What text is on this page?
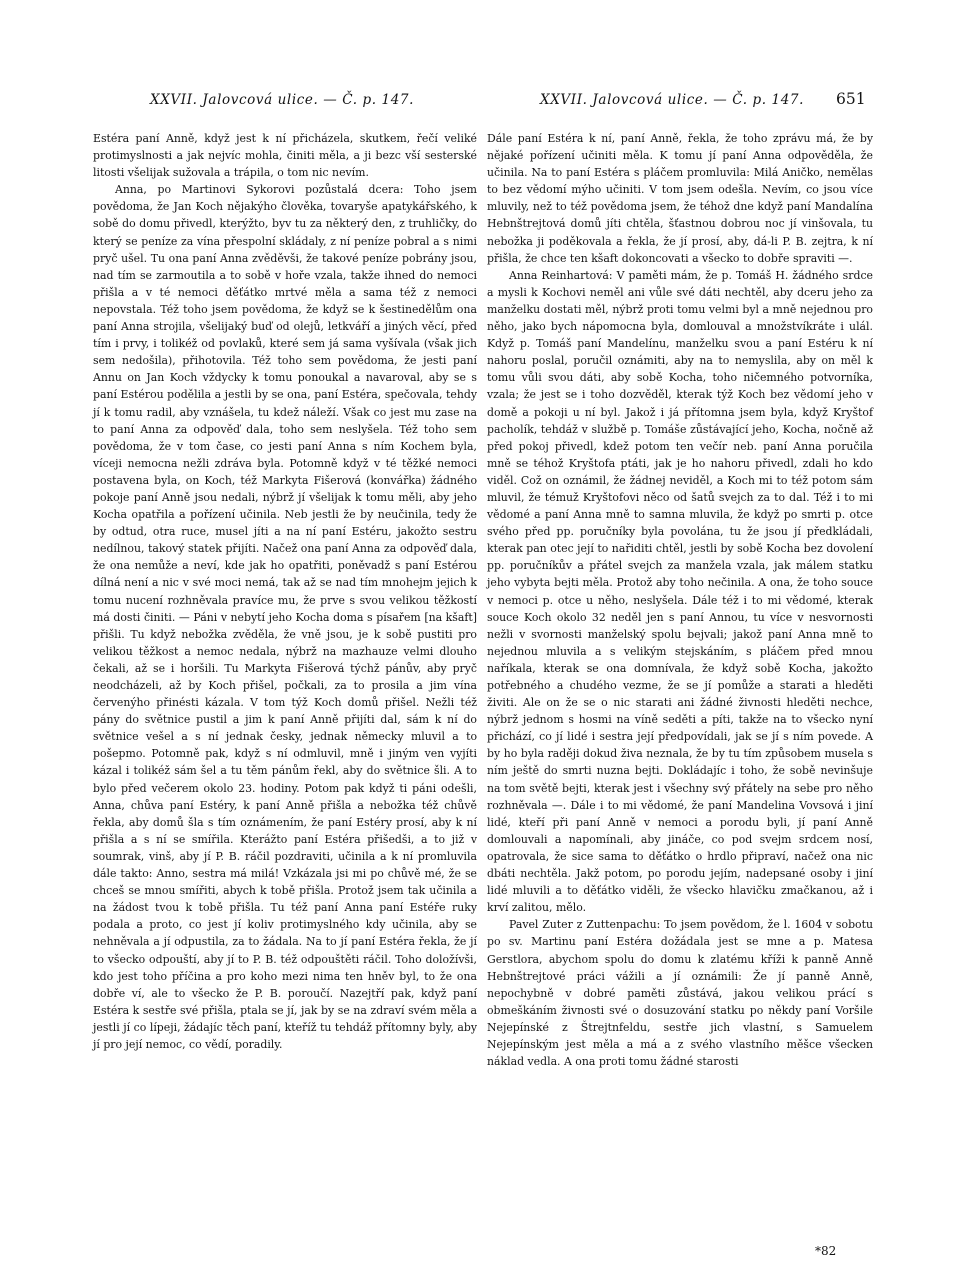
XXVII. Jalovcová ulice. — Č. p. 147.	XXVII. Jalovcová ulice. — Č. p. 147. 651

Estéra paní Anně, když jest k ní přicházela, skutkem, řečí veliké protimyslnosti a jak nejvíc mohla, činiti měla, a ji bezc vší sesterské litosti všelijak sužovala a trápila, o tom nic nevím.

Anna, po Martinovi Sykorovi pozůstalá dcera: Toho jsem povědoma, že Jan Koch nějakýho člověka, tovaryše apatykářského, k sobě do domu přivedl, kterýžto, byv tu za některý den, z truhličky, do který se peníze za vína přespolní skládaly, z ní peníze pobral a s nimi pryč ušel. Tu ona paní Anna zvěděvši, že takové peníze pobrány jsou, nad tím se zarmoutila a to sobě v hoře vzala, takže ihned do nemoci přišla a v té nemoci děťátko mrtvé měla a sama též z nemoci nepovstala. Též toho jsem povědoma, že když se k šestinedělům ona paní Anna strojila, všelijaký buď od olejů, letkváří a jiných věcí, před tím i prvy, i tolikéž od povlaků, které sem já sama vyšívala (však jich sem nedošila), přihotovila. Též toho sem povědoma, že jesti paní Annu on Jan Koch vždycky k tomu ponoukal a navaroval, aby se s paní Estérou podělila a jestli by se ona, paní Estéra, spečovala, tehdy jí k tomu radil, aby vznášela, tu kdež náleží. Však co jest mu zase na to paní Anna za odpověď dala, toho sem neslyšela. Též toho sem povědoma, že v tom čase, co jesti paní Anna s ním Kochem byla, víceji nemocna nežli zdráva byla. Potomně když v té těžké nemoci postavena byla, on Koch, též Markyta Fišerová (konvářka) žádného pokoje paní Anně jsou nedali, nýbrž jí všelijak k tomu měli, aby jeho Kocha opatřila a pořízení učinila. Neb jestli že by neučinila, tedy že by odtud, otra ruce, musel jíti a na ní paní Estéru, jakožto sestru nedílnou, takový statek přijíti. Načež ona paní Anna za odpověď dala, že ona nemůže a neví, kde jak ho opatřiti, poněvadž s paní Estérou dílná není a nic v své moci nemá, tak až se nad tím mnohejm jejich k tomu nucení rozhněvala pravíce mu, že prve s svou velikou těžkostí má dosti činiti. — Páni v nebytí jeho Kocha doma s písařem [na kšaft] přišli. Tu když nebožka zvěděla, že vně jsou, je k sobě pustiti pro velikou těžkost a nemoc nedala, nýbrž na mazhauze velmi dlouho čekali, až se i horšili. Tu Markyta Fišerová týchž pánův, aby pryč neodcházeli, až by Koch přišel, počkali, za to prosila a jim vína červenýho přinésti kázala. V tom týž Koch domů přišel. Nežli též pány do světnice pustil a jim k paní Anně přijíti dal, sám k ní do světnice vešel a s ní jednak česky, jednak německy mluvil a to pošepmo. Potomně pak, když s ní odmluvil, mně i jiným ven vyjíti kázal i tolikéž sám šel a tu těm pánům řekl, aby do světnice šli. A to bylo před večerem okolo 23. hodiny. Potom pak když ti páni odešli, Anna, chůva paní Estéry, k paní Anně přišla a nebožka též chůvě řekla, aby domů šla s tím oznámením, že paní Estéry prosí, aby k ní přišla a s ní se smířila. Kterážto paní Estéra přišedši, a to již v soumrak, vinš, aby jí P. B. ráčil pozdraviti, učinila a k ní promluvila dále takto: Anno, sestra má milá! Vzkázala jsi mi po chůvě mé, že se chceš se mnou smířiti, abych k tobě přišla. Protož jsem tak učinila a na žádost tvou k tobě přišla. Tu též paní Anna paní Estéře ruky podala a proto, co jest jí koliv protimyslného kdy učinila, aby se nehněvala a jí odpustila, za to žádala. Na to jí paní Estéra řekla, že jí to všecko odpouští, aby jí to P. B. též odpouštěti ráčil. Toho doložívši, kdo jest toho příčina a pro koho mezi nima ten hněv byl, to že ona dobře ví, ale to všecko že P. B. poroučí. Nazejtří pak, když paní Estéra k sestře své přišla, ptala se jí, jak by se na zdraví svém měla a jestli jí co lípeji, žádajíc těch paní, kteříž tu tehdáž přítomny byly, aby jí pro její nemoc, co vědí, poradily.

Dále paní Estéra k ní, paní Anně, řekla, že toho zprávu má, že by nějaké pořízení učiniti měla. K tomu jí paní Anna odpověděla, že učinila. Na to paní Estéra s pláčem promluvila: Milá Aničko, nemělas to bez vědomí mýho učiniti. V tom jsem odešla. Nevím, co jsou více mluvily, než to též povědoma jsem, že téhož dne když paní Mandalína Hebnštrejtová domů jíti chtěla, šťastnou dobrou noc jí vinšovala, tu nebožka ji poděkovala a řekla, že jí prosí, aby, dá-li P. B. zejtra, k ní přišla, že chce ten kšaft dokoncovati a všecko to dobře spraviti —.

Anna Reinhartová: V paměti mám, že p. Tomáš H. žádného srdce a mysli k Kochovi neměl ani vůle své dáti nechtěl, aby dceru jeho za manželku dostati měl, nýbrž proti tomu velmi byl a mně nejednou pro něho, jako bych nápomocna byla, domlouval a množstvíkráte i ulál. Když p. Tomáš paní Mandelínu, manželku svou a paní Estéru k ní nahoru poslal, poručil oznámiti, aby na to nemyslila, aby on měl k tomu vůli svou dáti, aby sobě Kocha, toho ničemného potvorníka, vzala; že jest se i toho dozvěděl, kterak týž Koch bez vědomí jeho v domě a pokoji u ní byl. Jakož i já přítomna jsem byla, když Kryštof pacholík, tehdáž v službě p. Tomáše zůstávající jeho, Kocha, nočně až před pokoj přivedl, kdež potom ten večír neb. paní Anna poručila mně se téhož Kryštofa ptáti, jak je ho nahoru přivedl, zdali ho kdo viděl. Což on oznámil, že žádnej neviděl, a Koch mi to též potom sám mluvil, že témuž Kryštofovi něco od šatů svejch za to dal. Též i to mi vědomé a paní Anna mně to samna mluvila, že když po smrti p. otce svého před pp. poručníky byla povolána, tu že jsou jí předkládali, kterak pan otec její to nařiditi chtěl, jestli by sobě Kocha bez dovolení pp. poručníkův a přátel svejch za manžela vzala, jak málem statku jeho vybyta bejti měla. Protož aby toho nečinila. A ona, že toho souce v nemoci p. otce u něho, neslyšela. Dále též i to mi vědomé, kterak souce Koch okolo 32 neděl jen s paní Annou, tu více v nesvornosti nežli v svornosti manželský spolu bejvali; jakož paní Anna mně to nejednou mluvila a s velikým stejskáním, s pláčem před mnou naříkala, kterak se ona domnívala, že když sobě Kocha, jakožto potřebného a chudého vezme, že se jí pomůže a starati a hleděti živiti. Ale on že se o nic starati ani žádné živnosti hleděti nechce, nýbrž jednom s hosmi na víně seděti a píti, takže na to všecko nyní přichází, co jí lidé i sestra její předpovídali, jak se jí s ním povede. A by ho byla raději dokud živa neznala, že by tu tím způsobem musela s ním ještě do smrti nuzna bejti. Dokládajíc i toho, že sobě nevinšuje na tom světě bejti, kterak jest i všechny svý přátely na sebe pro něho rozhněvala —. Dále i to mi vědomé, že paní Mandelina Vovsová i jiní lidé, kteří při paní Anně v nemoci a porodu byli, jí paní Anně domlouvali a napomínali, aby jináče, co pod svejm srdcem nosí, opatrovala, že sice sama to děťátko o hrdlo připraví, načež ona nic dbáti nechtěla. Jakž potom, po porodu jejím, nadepsané osoby i jiní lidé mluvili a to děťátko viděli, že všecko hlavičku zmačkanou, až i krví zalitou, mělo.

Pavel Zuter z Zuttenpachu: To jsem povědom, že l. 1604 v sobotu po sv. Martinu paní Estéra dožádala jest se mne a p. Matesa Gerstlora, abychom spolu do domu k zlatému kříži k panně Anně Hebnštrejtové práci vážili a jí oznámili: Že jí panně Anně, nepochybně v dobré paměti zůstává, jakou velikou prácí s obmeškáním živnosti své o dosuzování statku po někdy paní Voršile Nejepínské z Štrejtnfeldu, sestře jich vlastní, s Samuelem Nejepínským jest měla a má a z svého vlastního měšce všecken náklad vedla. A ona proti tomu žádné starosti

*82
